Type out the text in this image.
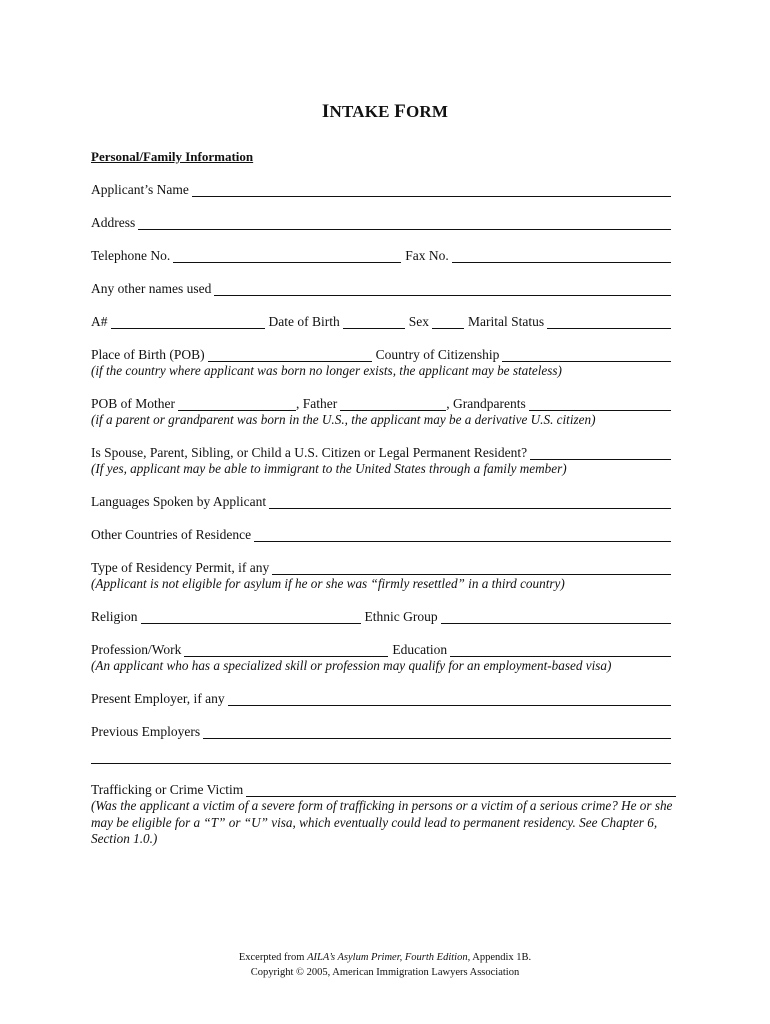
INTAKE FORM
Personal/Family Information
Applicant’s Name
Address
Telephone No.	Fax No.
Any other names used
A#	Date of Birth	Sex	Marital Status
Place of Birth (POB)	Country of Citizenship
(if the country where applicant was born no longer exists, the applicant may be stateless)
POB of Mother	, Father	, Grandparents
(if a parent or grandparent was born in the U.S., the applicant may be a derivative U.S. citizen)
Is Spouse, Parent, Sibling, or Child a U.S. Citizen or Legal Permanent Resident?
(If yes, applicant may be able to immigrant to the United States through a family member)
Languages Spoken by Applicant
Other Countries of Residence
Type of Residency Permit, if any
(Applicant is not eligible for asylum if he or she was “firmly resettled” in a third country)
Religion	Ethnic Group
Profession/Work	Education
(An applicant who has a specialized skill or profession may qualify for an employment-based visa)
Present Employer, if any
Previous Employers
Trafficking or Crime Victim
(Was the applicant a victim of a severe form of trafficking in persons or a victim of a serious crime? He or she may be eligible for a “T” or “U” visa, which eventually could lead to permanent residency. See Chapter 6, Section 1.0.)
Excerpted from AILA’s Asylum Primer, Fourth Edition, Appendix 1B.
Copyright © 2005, American Immigration Lawyers Association
